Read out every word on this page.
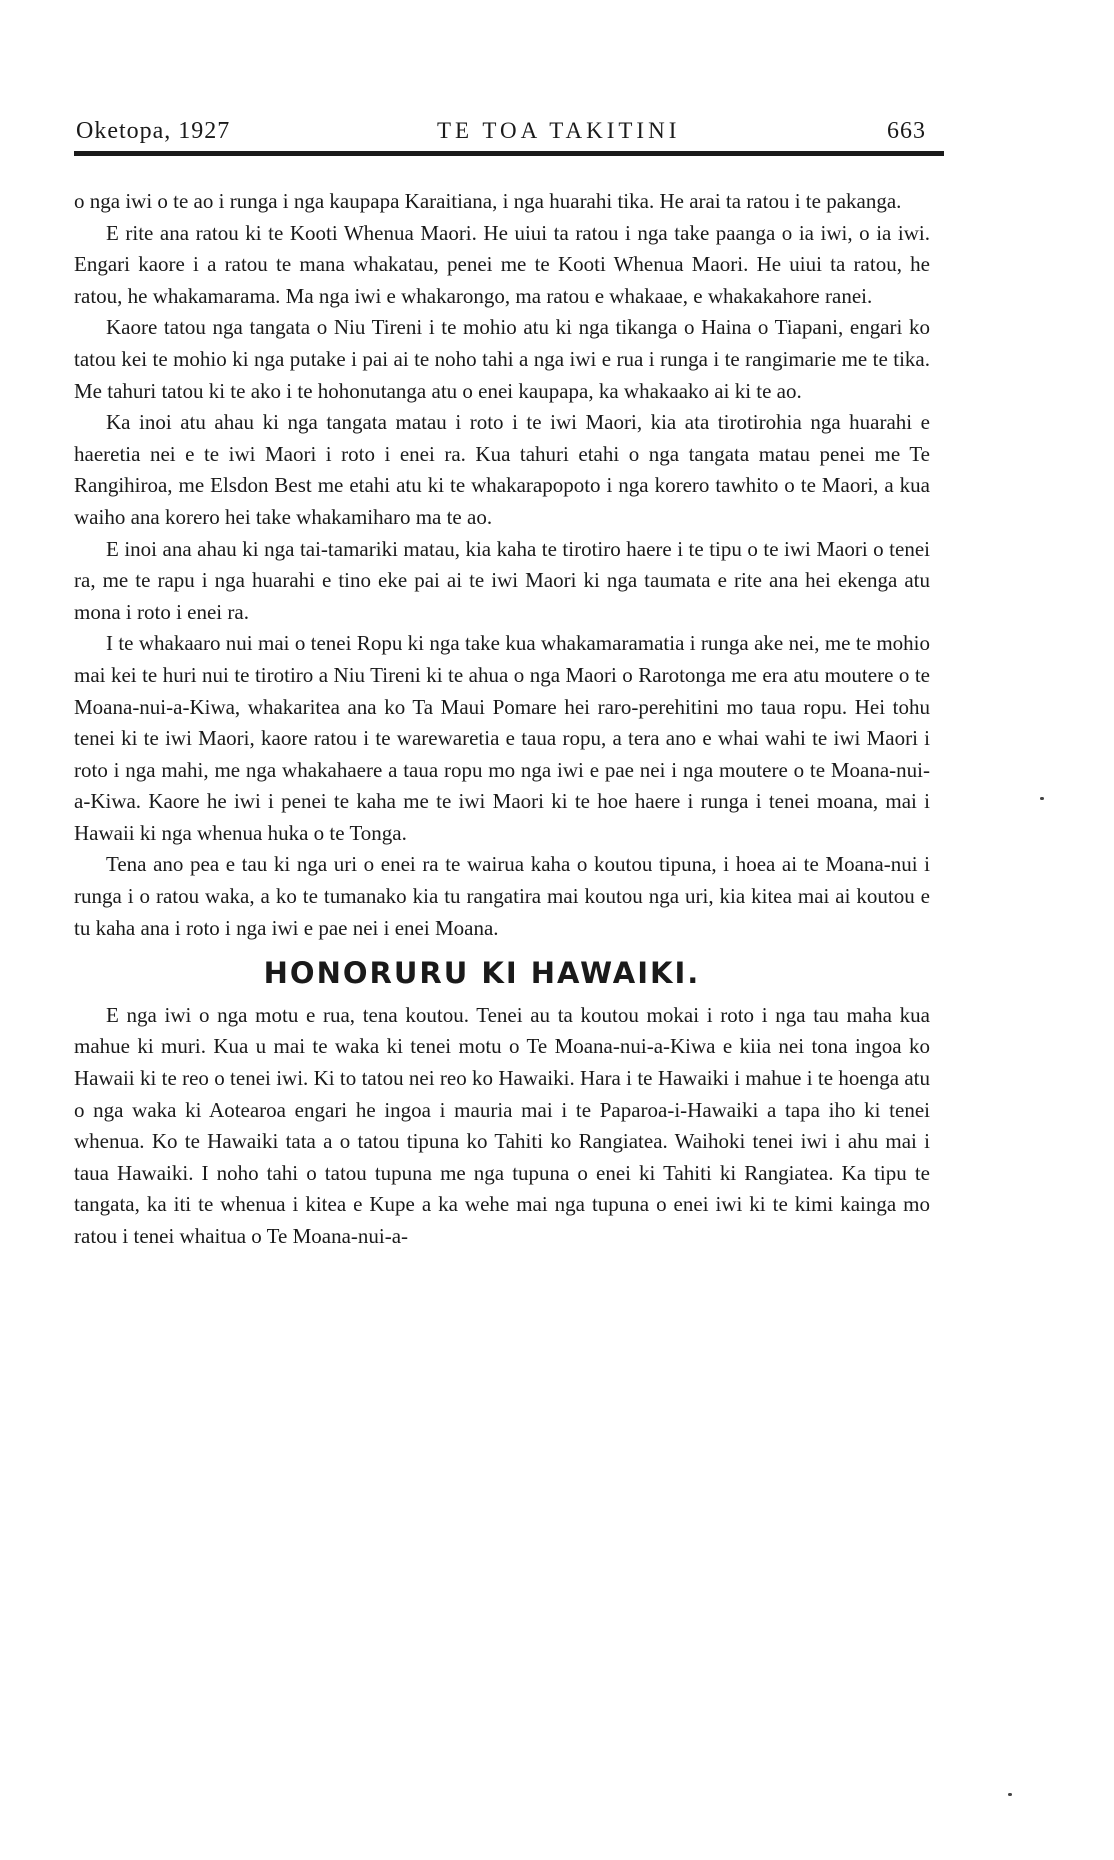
Oketopa, 1927	TE TOA TAKITINI	663

o nga iwi o te ao i runga i nga kaupapa Karaitiana, i nga huarahi tika. He arai ta ratou i te pakanga.

E rite ana ratou ki te Kooti Whenua Maori. He uiui ta ratou i nga take paanga o ia iwi, o ia iwi. Engari kaore i a ratou te mana whakatau, penei me te Kooti Whenua Maori. He uiui ta ratou, he ratou, he whakamarama. Ma nga iwi e whakarongo, ma ratou e whakaae, e whakakahore ranei.

Kaore tatou nga tangata o Niu Tireni i te mohio atu ki nga tikanga o Haina o Tiapani, engari ko tatou kei te mohio ki nga putake i pai ai te noho tahi a nga iwi e rua i runga i te rangimarie me te tika. Me tahuri tatou ki te ako i te hohonutanga atu o enei kaupapa, ka whakaako ai ki te ao.

Ka inoi atu ahau ki nga tangata matau i roto i te iwi Maori, kia ata tirotirohia nga huarahi e haeretia nei e te iwi Maori i roto i enei ra. Kua tahuri etahi o nga tangata matau penei me Te Rangihiroa, me Elsdon Best me etahi atu ki te whakarapopoto i nga korero tawhito o te Maori, a kua waiho ana korero hei take whakamiharo ma te ao.

E inoi ana ahau ki nga tai-tamariki matau, kia kaha te tirotiro haere i te tipu o te iwi Maori o tenei ra, me te rapu i nga huarahi e tino eke pai ai te iwi Maori ki nga taumata e rite ana hei ekenga atu mona i roto i enei ra.

I te whakaaro nui mai o tenei Ropu ki nga take kua whakamaramatia i runga ake nei, me te mohio mai kei te huri nui te tirotiro a Niu Tireni ki te ahua o nga Maori o Rarotonga me era atu moutere o te Moana-nui-a-Kiwa, whakaritea ana ko Ta Maui Pomare hei raro-perehitini mo taua ropu. Hei tohu tenei ki te iwi Maori, kaore ratou i te warewaretia e taua ropu, a tera ano e whai wahi te iwi Maori i roto i nga mahi, me nga whakahaere a taua ropu mo nga iwi e pae nei i nga moutere o te Moana-nui-a-Kiwa. Kaore he iwi i penei te kaha me te iwi Maori ki te hoe haere i runga i tenei moana, mai i Hawaii ki nga whenua huka o te Tonga.

Tena ano pea e tau ki nga uri o enei ra te wairua kaha o koutou tipuna, i hoea ai te Moana-nui i runga i o ratou waka, a ko te tumanako kia tu rangatira mai koutou nga uri, kia kitea mai ai koutou e tu kaha ana i roto i nga iwi e pae nei i enei Moana.

HONORURU KI HAWAIKI.

E nga iwi o nga motu e rua, tena koutou. Tenei au ta koutou mokai i roto i nga tau maha kua mahue ki muri. Kua u mai te waka ki tenei motu o Te Moana-nui-a-Kiwa e kiia nei tona ingoa ko Hawaii ki te reo o tenei iwi. Ki to tatou nei reo ko Hawaiki. Hara i te Hawaiki i mahue i te hoenga atu o nga waka ki Aotearoa engari he ingoa i mauria mai i te Paparoa-i-Hawaiki a tapa iho ki tenei whenua. Ko te Hawaiki tata a o tatou tipuna ko Tahiti ko Rangiatea. Waihoki tenei iwi i ahu mai i taua Hawaiki. I noho tahi o tatou tupuna me nga tupuna o enei ki Tahiti ki Rangiatea. Ka tipu te tangata, ka iti te whenua i kitea e Kupe a ka wehe mai nga tupuna o enei iwi ki te kimi kainga mo ratou i tenei whaitua o Te Moana-nui-a-
